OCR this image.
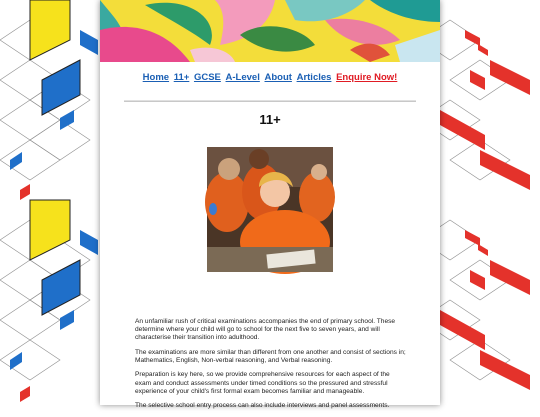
Home 11+ GCSE A-Level About Articles Enquire Now!
11+

An unfamiliar rush of critical examinations accompanies the end of primary school. These determine where your child will go to school for the next five to seven years, and will characterise their transition into adulthood.

The examinations are more similar than different from one another and consist of sections in; Mathematics, English, Non-verbal reasoning, and Verbal reasoning.

Preparation is key here, so we provide comprehensive resources for each aspect of the exam and conduct assessments under timed conditions so the pressured and stressful experience of your child's first formal exam becomes familiar and manageable.

The selective school entry process can also include interviews and panel assessments.
